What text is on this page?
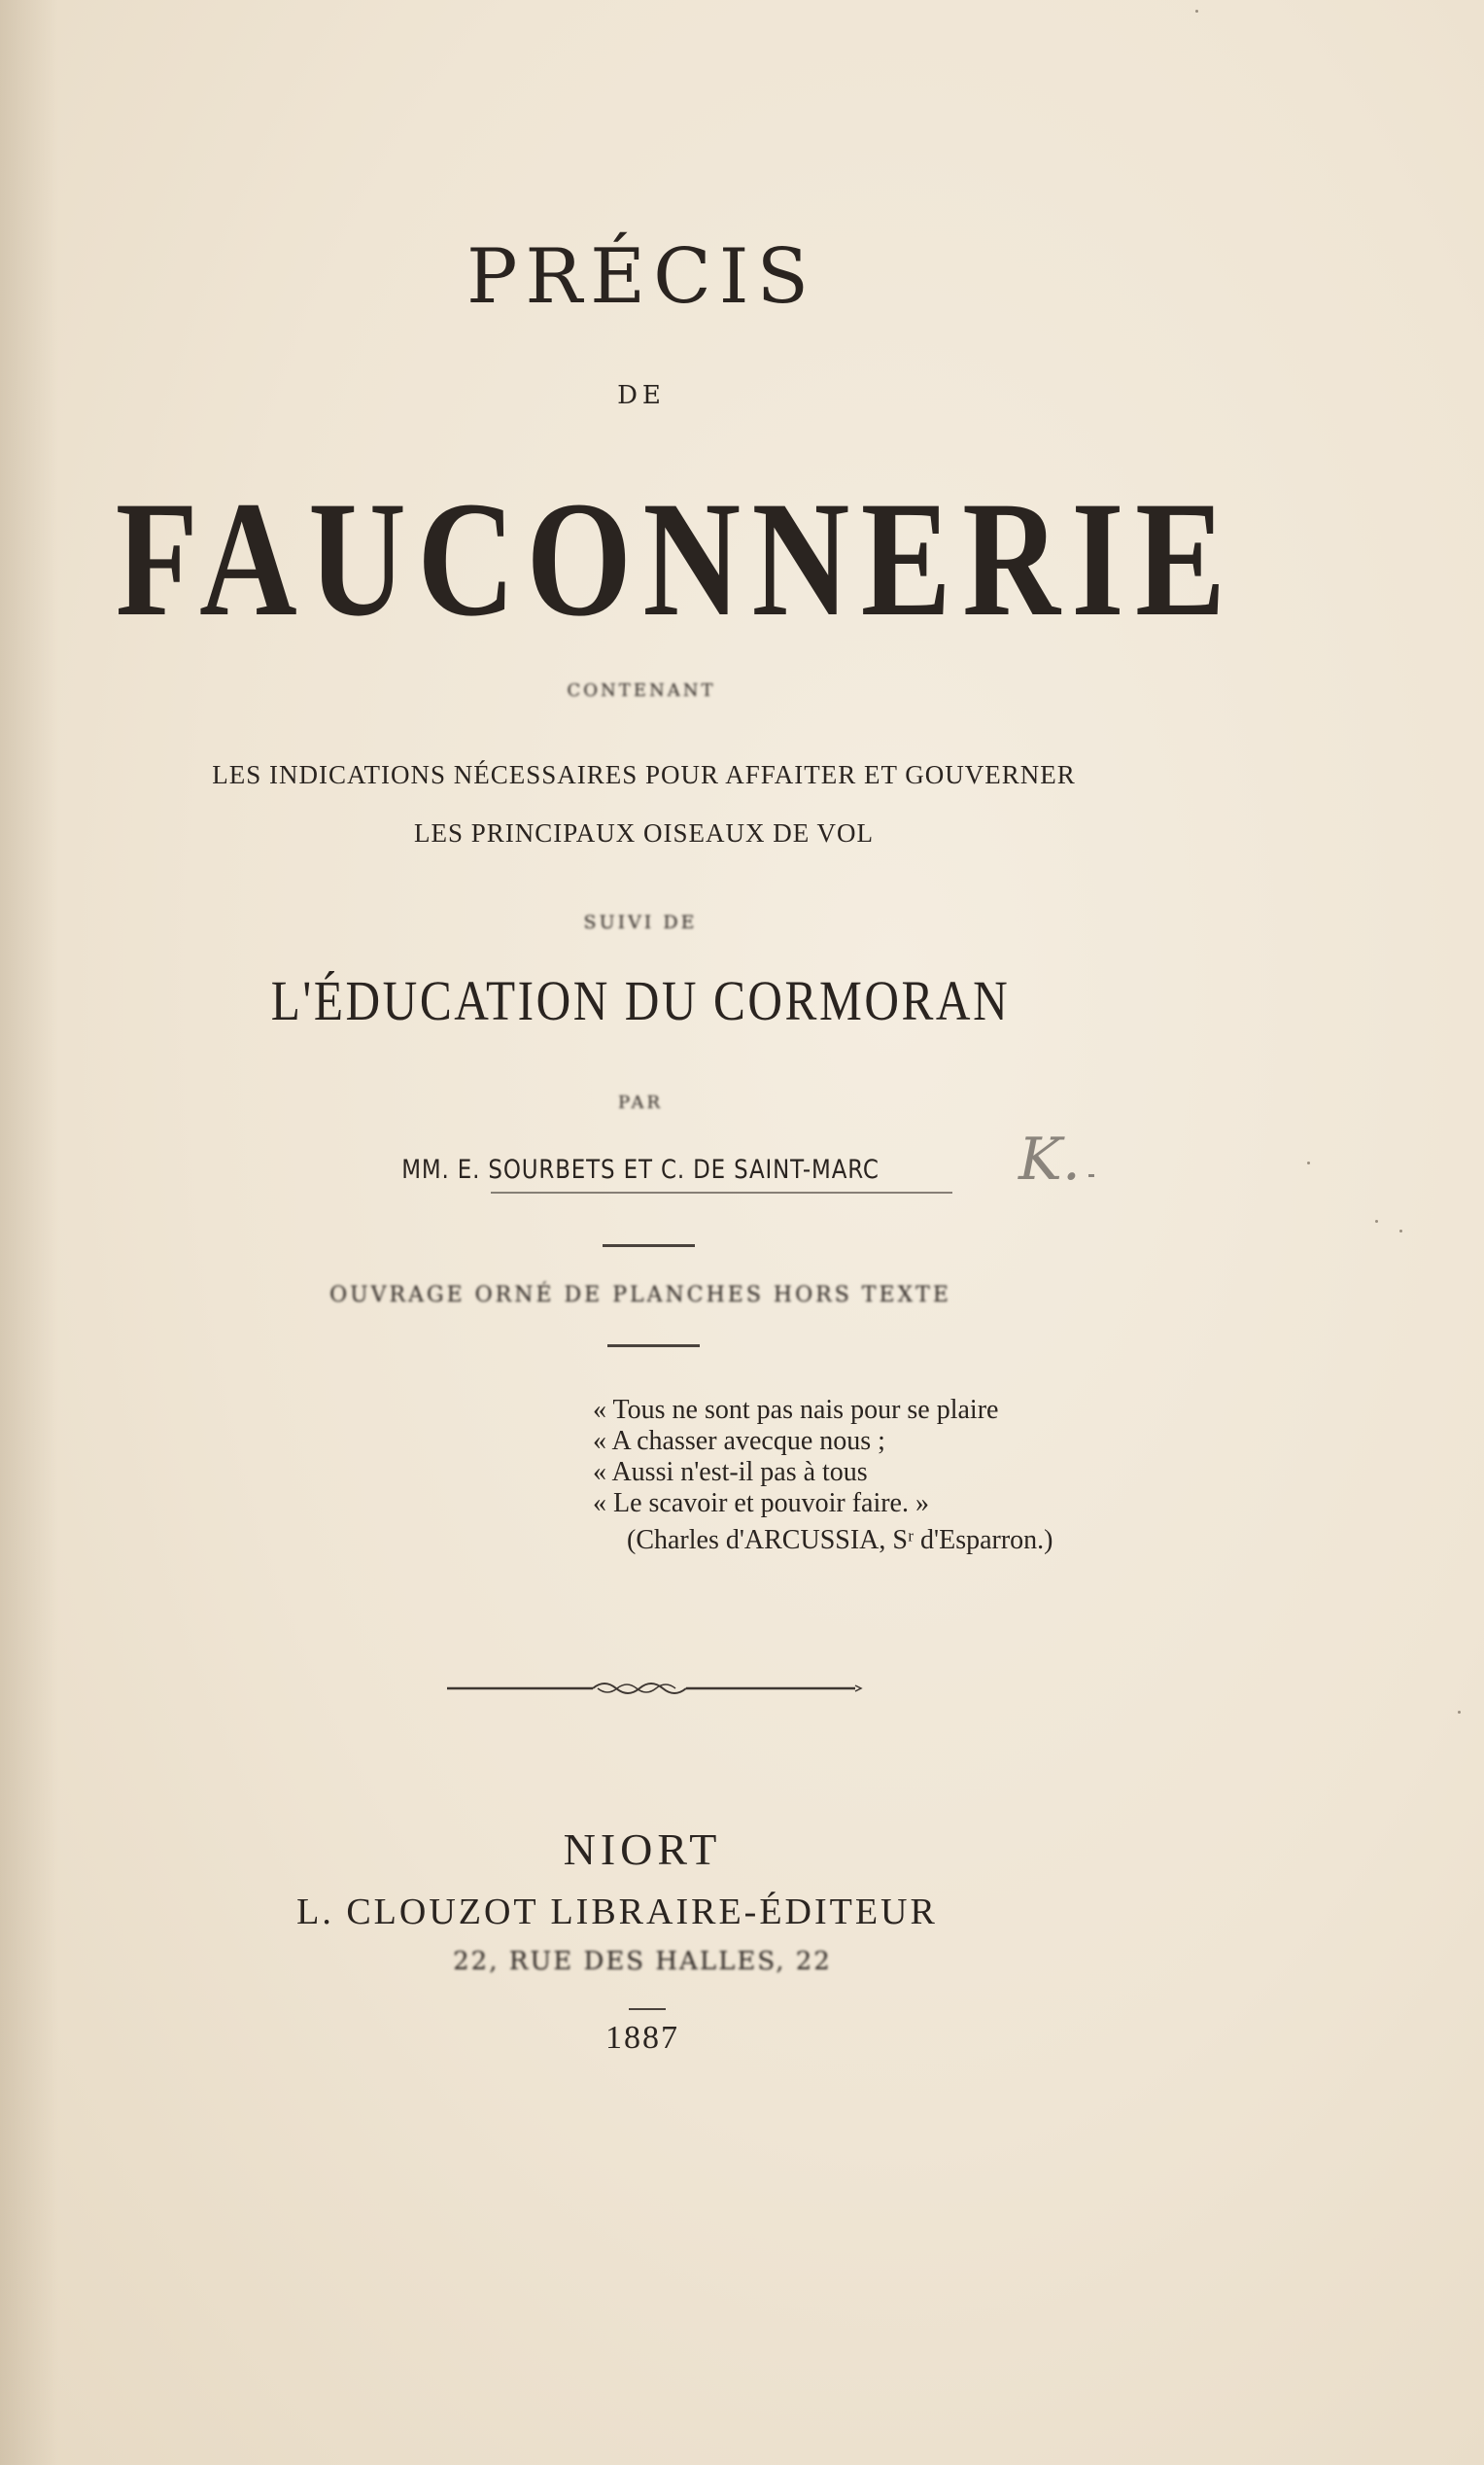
PRÉCIS
DE
FAUCONNERIE
CONTENANT
LES INDICATIONS NÉCESSAIRES POUR AFFAITER ET GOUVERNER
LES PRINCIPAUX OISEAUX DE VOL
SUIVI DE
L'ÉDUCATION DU CORMORAN
PAR
MM. E. SOURBETS ET C. DE SAINT-MARC	K.
OUVRAGE ORNÉ DE PLANCHES HORS TEXTE
« Tous ne sont pas nais pour se plaire
« A chasser avecque nous ;
« Aussi n'est-il pas à tous
« Le scavoir et pouvoir faire. »
(Charles d'ARCUSSIA, Sʳ d'Esparron.)
NIORT
L. CLOUZOT LIBRAIRE-ÉDITEUR
22, RUE DES HALLES, 22
1887
